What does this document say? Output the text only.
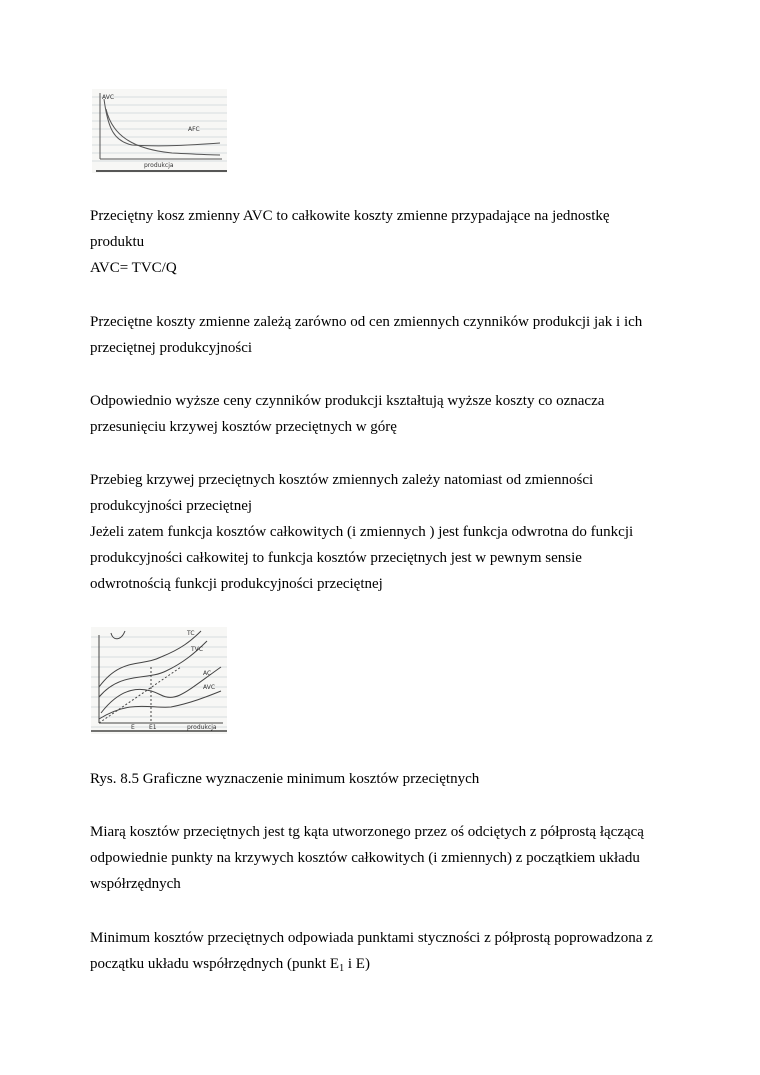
AVC
AFC
produkcja

Przeciętny kosz zmienny AVC to całkowite koszty zmienne przypadające na jednostkę
produktu
AVC= TVC/Q

Przeciętne koszty zmienne zależą zarówno od cen zmiennych czynników produkcji jak i ich
przeciętnej produkcyjności

Odpowiednio wyższe ceny czynników produkcji kształtują wyższe koszty co oznacza
przesunięciu krzywej kosztów przeciętnych w górę

Przebieg krzywej przeciętnych kosztów zmiennych zależy natomiast od zmienności
produkcyjności przeciętnej
Jeżeli zatem funkcja kosztów całkowitych (i zmiennych ) jest funkcja odwrotna do funkcji
produkcyjności całkowitej to funkcja kosztów przeciętnych jest w pewnym sensie
odwrotnością funkcji produkcyjności przeciętnej

TC
TVC
AC
AVC
produkcja
E E1

Rys. 8.5 Graficzne wyznaczenie minimum kosztów przeciętnych

Miarą kosztów przeciętnych jest tg kąta utworzonego przez oś odciętych z półprostą łączącą
odpowiednie punkty na krzywych kosztów całkowitych (i zmiennych) z początkiem układu
współrzędnych

Minimum kosztów przeciętnych odpowiada punktami styczności z półprostą poprowadzona z
początku układu współrzędnych (punkt $E_1$ i E)
